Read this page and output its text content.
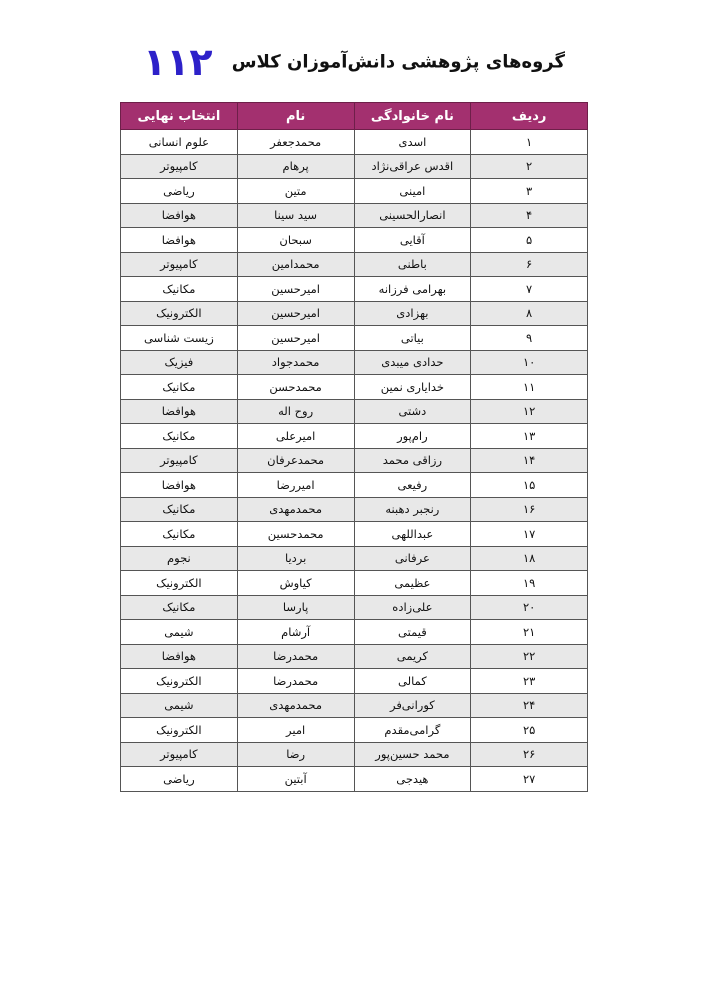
گروه‌های پژوهشی دانش‌آموزان کلاس ۱۱۲
ردیف	نام خانوادگی	نام	انتخاب نهایی
۱	اسدی	محمدجعفر	علوم انسانی
۲	اقدس عراقی‌نژاد	پرهام	کامپیوتر
۳	امینی	متین	ریاضی
۴	انصارالحسینی	سید سینا	هوافضا
۵	آقایی	سبحان	هوافضا
۶	باطنی	محمدامین	کامپیوتر
۷	بهرامی فرزانه	امیرحسین	مکانیک
۸	بهزادی	امیرحسین	الکترونیک
۹	بیاتی	امیرحسین	زیست شناسی
۱۰	حدادی میبدی	محمدجواد	فیزیک
۱۱	خدایاری نمین	محمدحسن	مکانیک
۱۲	دشتی	روح اله	هوافضا
۱۳	رام‌پور	امیرعلی	مکانیک
۱۴	رزاقی محمد	محمدعرفان	کامپیوتر
۱۵	رفیعی	امیررضا	هوافضا
۱۶	رنجبر دهبنه	محمدمهدی	مکانیک
۱۷	عبداللهی	محمدحسین	مکانیک
۱۸	عرفانی	بردیا	نجوم
۱۹	عظیمی	کیاوش	الکترونیک
۲۰	علی‌زاده	پارسا	مکانیک
۲۱	قیمتی	آرشام	شیمی
۲۲	کریمی	محمدرضا	هوافضا
۲۳	کمالی	محمدرضا	الکترونیک
۲۴	کورانی‌فر	محمدمهدی	شیمی
۲۵	گرامی‌مقدم	امیر	الکترونیک
۲۶	محمد حسین‌پور	رضا	کامپیوتر
۲۷	هیدجی	آبتین	ریاضی
